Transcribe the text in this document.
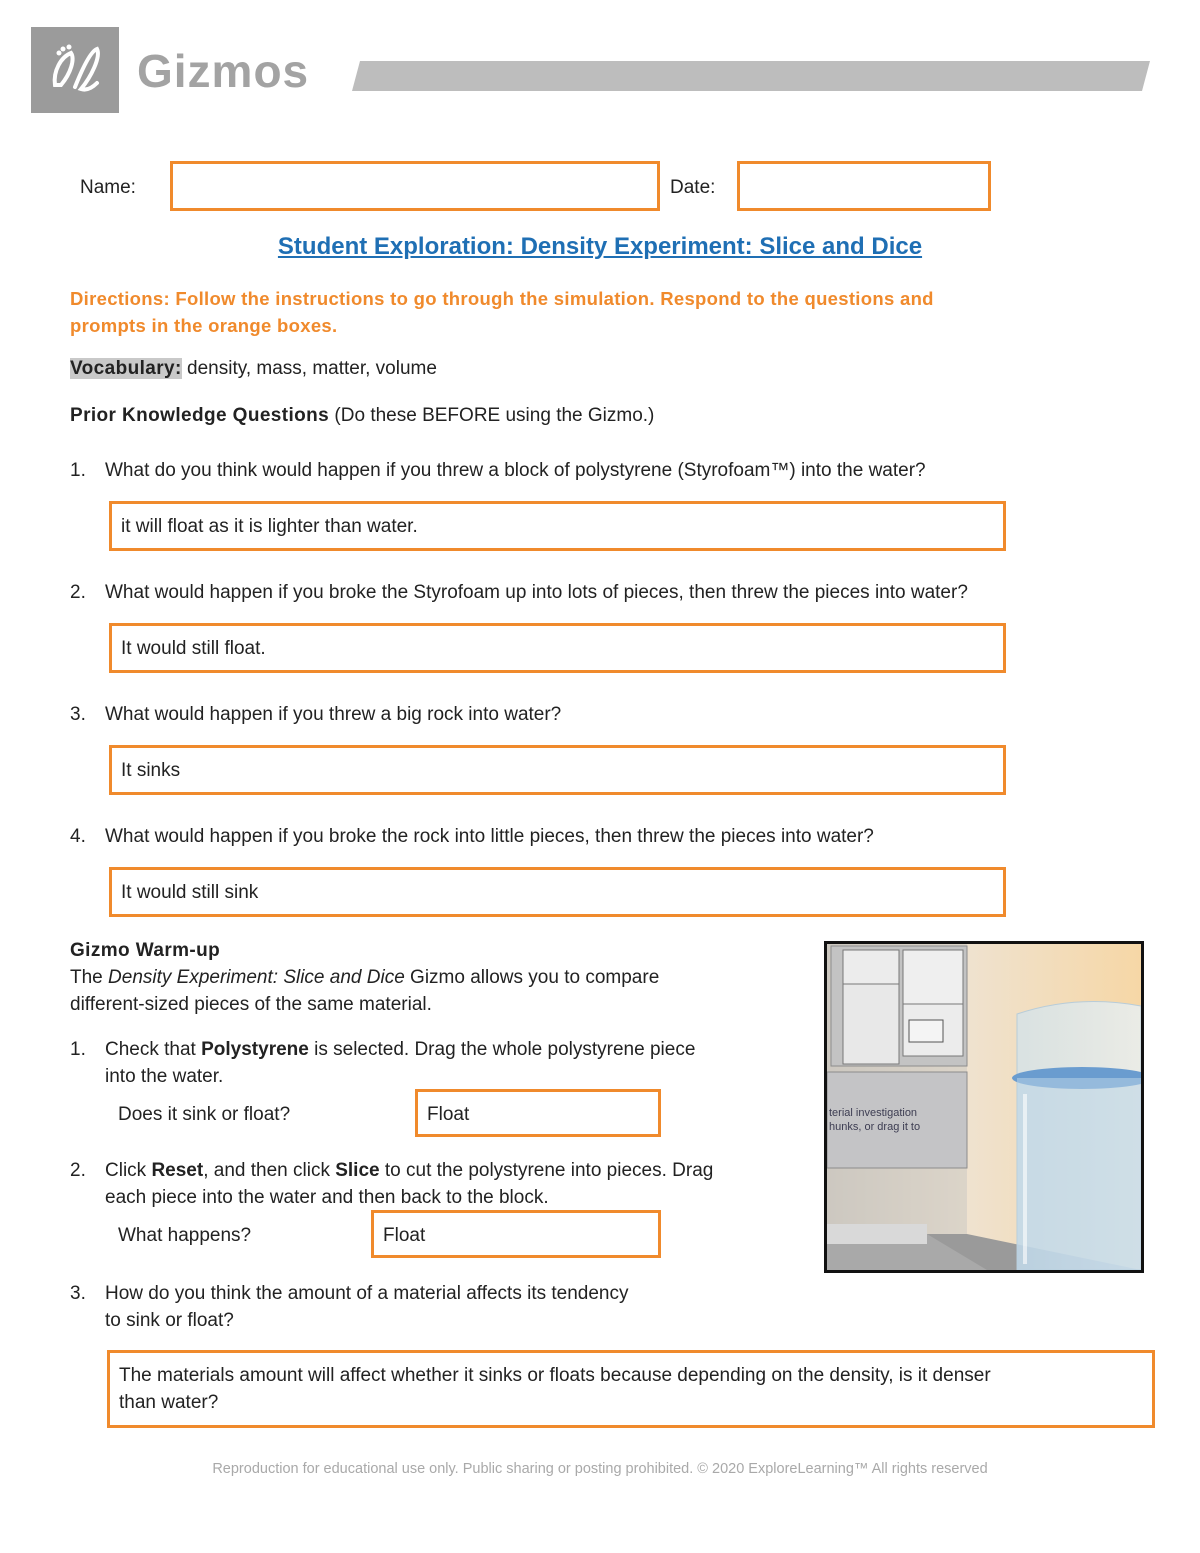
Gizmos
Name:	Date:
Student Exploration: Density Experiment: Slice and Dice
Directions: Follow the instructions to go through the simulation. Respond to the questions and
prompts in the orange boxes.
Vocabulary: density, mass, matter, volume
Prior Knowledge Questions (Do these BEFORE using the Gizmo.)
1. What do you think would happen if you threw a block of polystyrene (Styrofoam™) into the water?
it will float as it is lighter than water.
2. What would happen if you broke the Styrofoam up into lots of pieces, then threw the pieces into water?
It would still float.
3. What would happen if you threw a big rock into water?
It sinks
4. What would happen if you broke the rock into little pieces, then threw the pieces into water?
It would still sink
Gizmo Warm-up
The Density Experiment: Slice and Dice Gizmo allows you to compare
different-sized pieces of the same material.
1. Check that Polystyrene is selected. Drag the whole polystyrene piece
into the water.
Does it sink or float?	Float
2. Click Reset, and then click Slice to cut the polystyrene into pieces. Drag
each piece into the water and then back to the block.
What happens?	Float
3. How do you think the amount of a material affects its tendency
to sink or float?
The materials amount will affect whether it sinks or floats because depending on the density, is it denser
than water?
terial investigation
hunks, or drag it to
Reproduction for educational use only. Public sharing or posting prohibited. © 2020 ExploreLearning™ All rights reserved
